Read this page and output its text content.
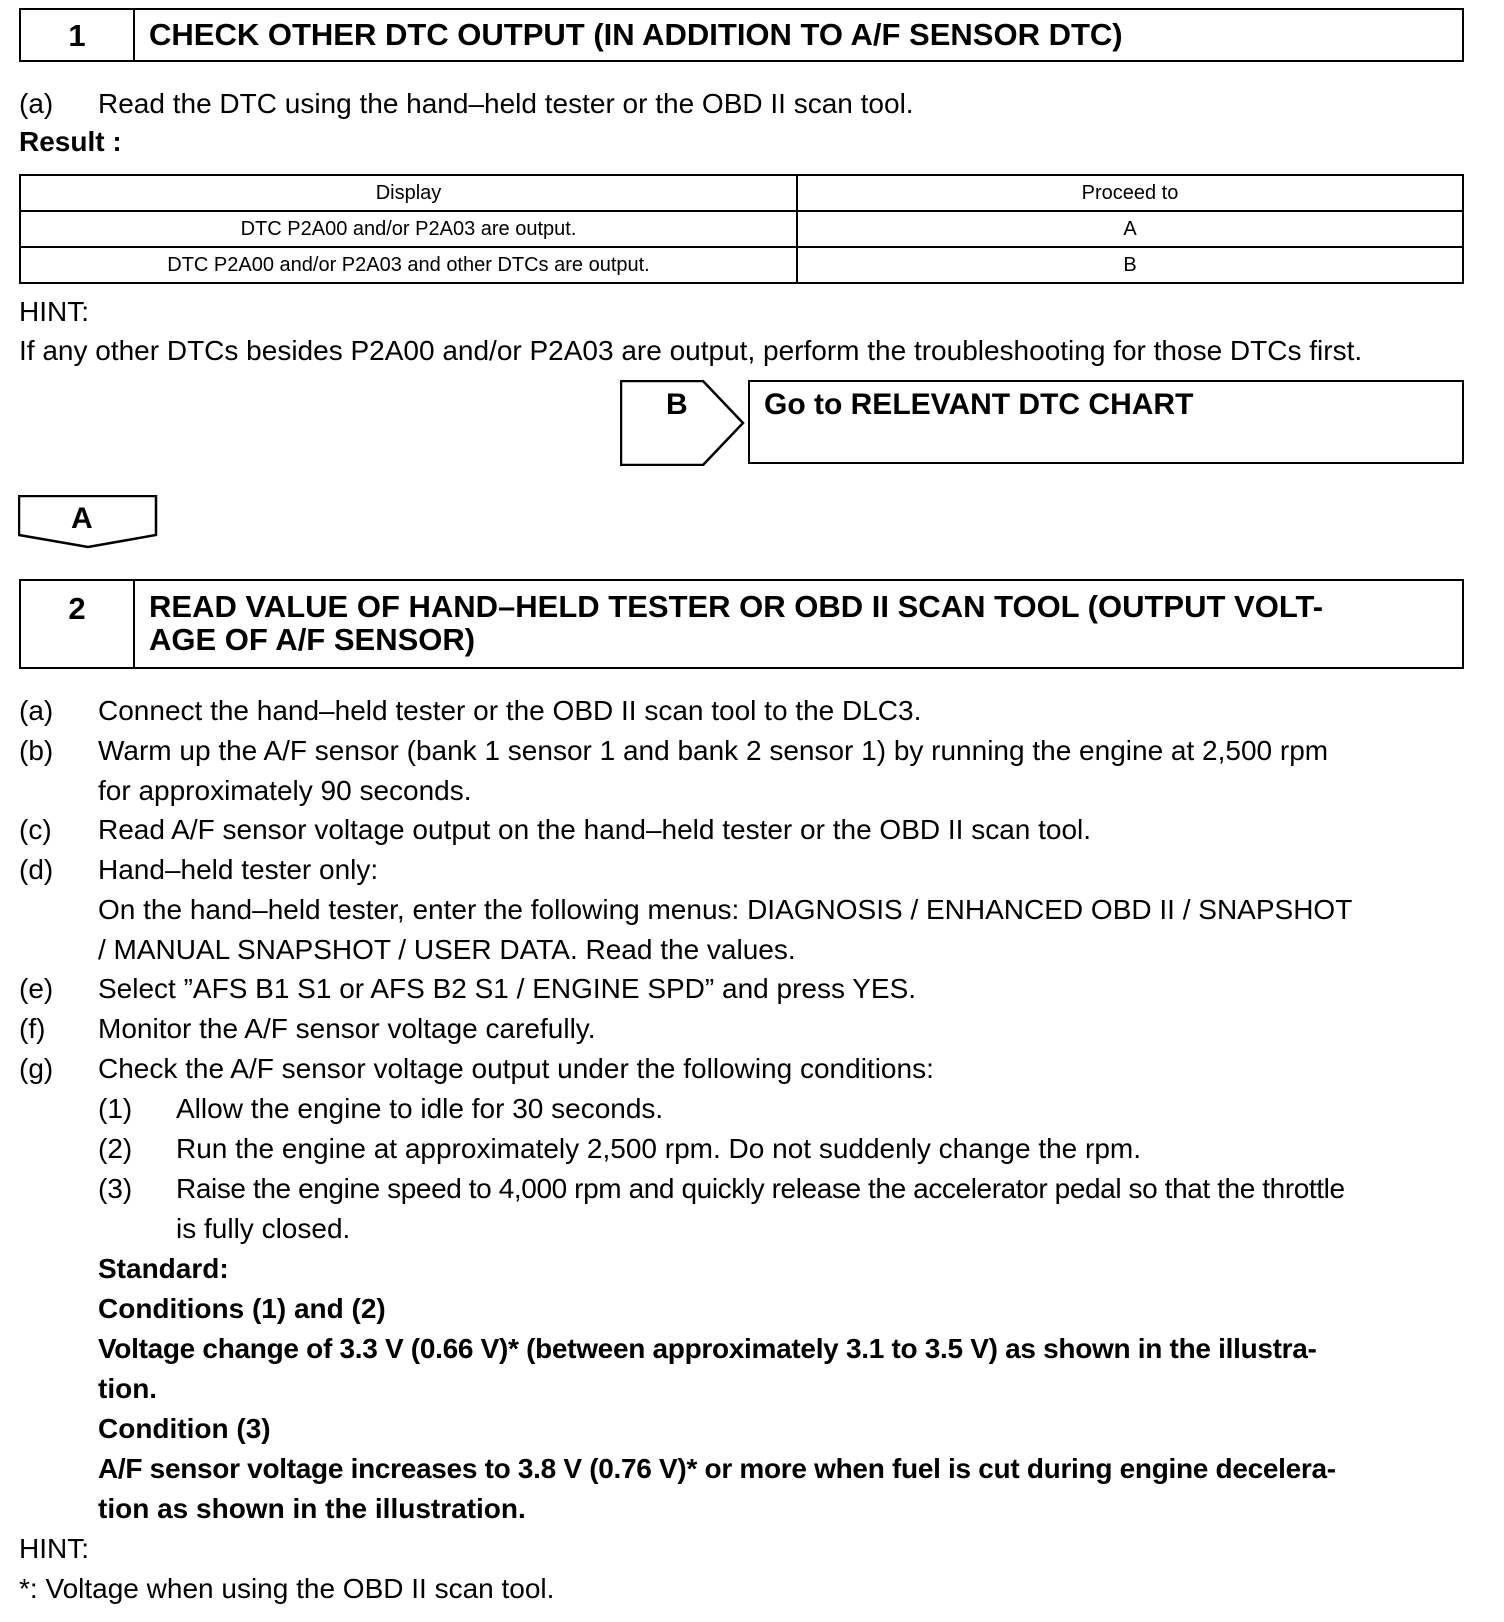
1	CHECK OTHER DTC OUTPUT (IN ADDITION TO A/F SENSOR DTC)
(a) Read the DTC using the hand–held tester or the OBD II scan tool.
Result :
Display	Proceed to
DTC P2A00 and/or P2A03 are output.	A
DTC P2A00 and/or P2A03 and other DTCs are output.	B
HINT:
If any other DTCs besides P2A00 and/or P2A03 are output, perform the troubleshooting for those DTCs first.
B	Go to RELEVANT DTC CHART
A
2	READ VALUE OF HAND–HELD TESTER OR OBD II SCAN TOOL (OUTPUT VOLT-
AGE OF A/F SENSOR)
(a) Connect the hand–held tester or the OBD II scan tool to the DLC3.
(b) Warm up the A/F sensor (bank 1 sensor 1 and bank 2 sensor 1) by running the engine at 2,500 rpm
for approximately 90 seconds.
(c) Read A/F sensor voltage output on the hand–held tester or the OBD II scan tool.
(d) Hand–held tester only:
On the hand–held tester, enter the following menus: DIAGNOSIS / ENHANCED OBD II / SNAPSHOT
/ MANUAL SNAPSHOT / USER DATA. Read the values.
(e) Select ”AFS B1 S1 or AFS B2 S1 / ENGINE SPD” and press YES.
(f) Monitor the A/F sensor voltage carefully.
(g) Check the A/F sensor voltage output under the following conditions:
(1) Allow the engine to idle for 30 seconds.
(2) Run the engine at approximately 2,500 rpm. Do not suddenly change the rpm.
(3) Raise the engine speed to 4,000 rpm and quickly release the accelerator pedal so that the throttle
is fully closed.
Standard:
Conditions (1) and (2)
Voltage change of 3.3 V (0.66 V)* (between approximately 3.1 to 3.5 V) as shown in the illustra-
tion.
Condition (3)
A/F sensor voltage increases to 3.8 V (0.76 V)* or more when fuel is cut during engine decelera-
tion as shown in the illustration.
HINT:
*: Voltage when using the OBD II scan tool.
